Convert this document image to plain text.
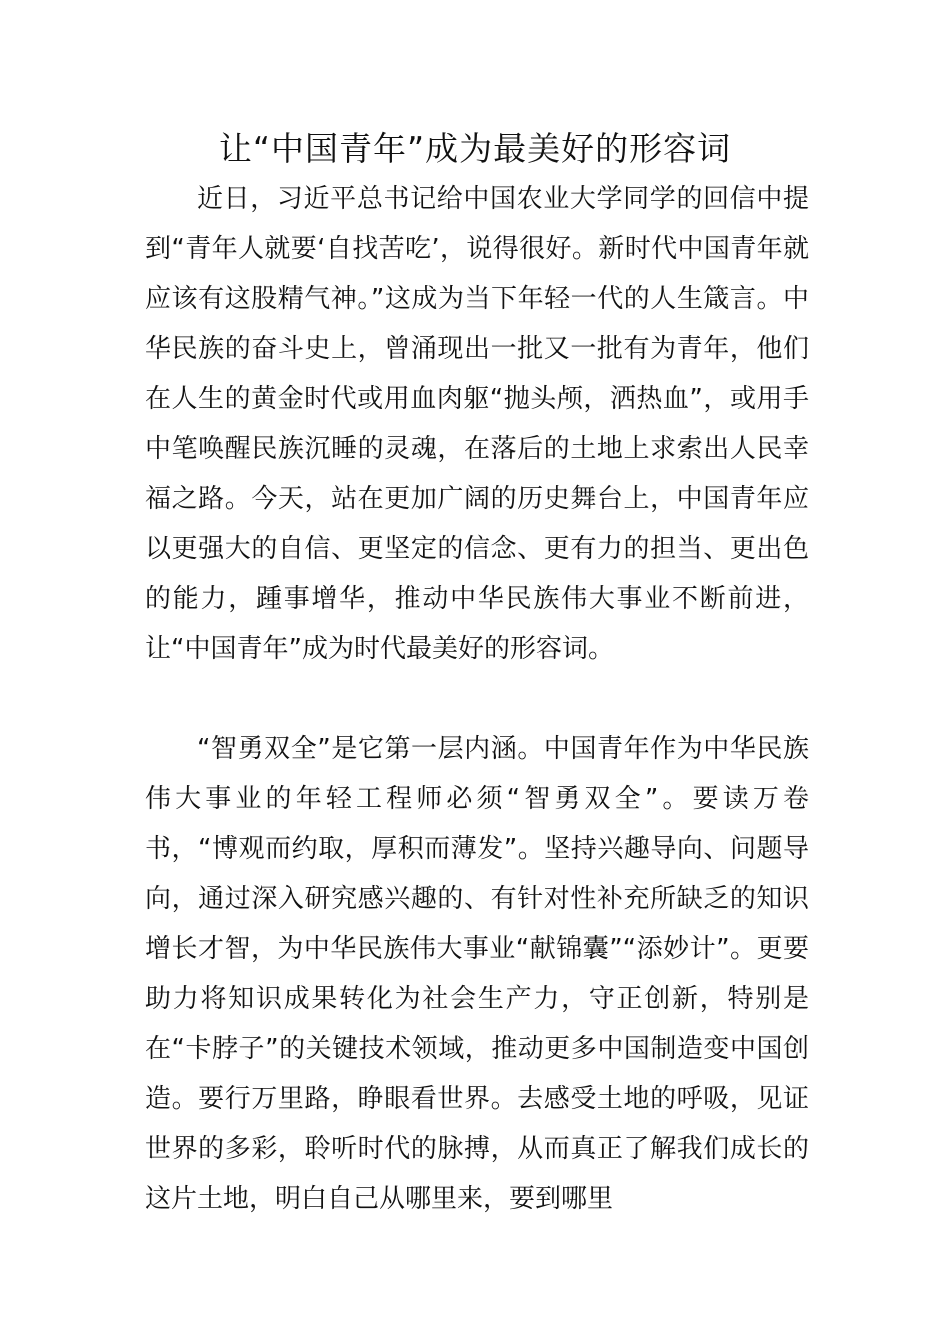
让“中国青年”成为最美好的形容词

近日，习近平总书记给中国农业大学同学的回信中提到“青年人就要‘自找苦吃’，说得很好。新时代中国青年就应该有这股精气神。”这成为当下年轻一代的人生箴言。中华民族的奋斗史上，曾涌现出一批又一批有为青年，他们在人生的黄金时代或用血肉躯“抛头颅，洒热血”，或用手中笔唤醒民族沉睡的灵魂，在落后的土地上求索出人民幸福之路。今天，站在更加广阔的历史舞台上，中国青年应以更强大的自信、更坚定的信念、更有力的担当、更出色的能力，踵事增华，推动中华民族伟大事业不断前进，让“中国青年”成为时代最美好的形容词。

“智勇双全”是它第一层内涵。中国青年作为中华民族伟大事业的年轻工程师必须“智勇双全”。要读万卷书，“博观而约取，厚积而薄发”。坚持兴趣导向、问题导向，通过深入研究感兴趣的、有针对性补充所缺乏的知识增长才智，为中华民族伟大事业“献锦囊”“添妙计”。更要助力将知识成果转化为社会生产力，守正创新，特别是在“卡脖子”的关键技术领域，推动更多中国制造变中国创造。要行万里路，睁眼看世界。去感受土地的呼吸，见证世界的多彩，聆听时代的脉搏，从而真正了解我们成长的这片土地，明白自己从哪里来，要到哪里
